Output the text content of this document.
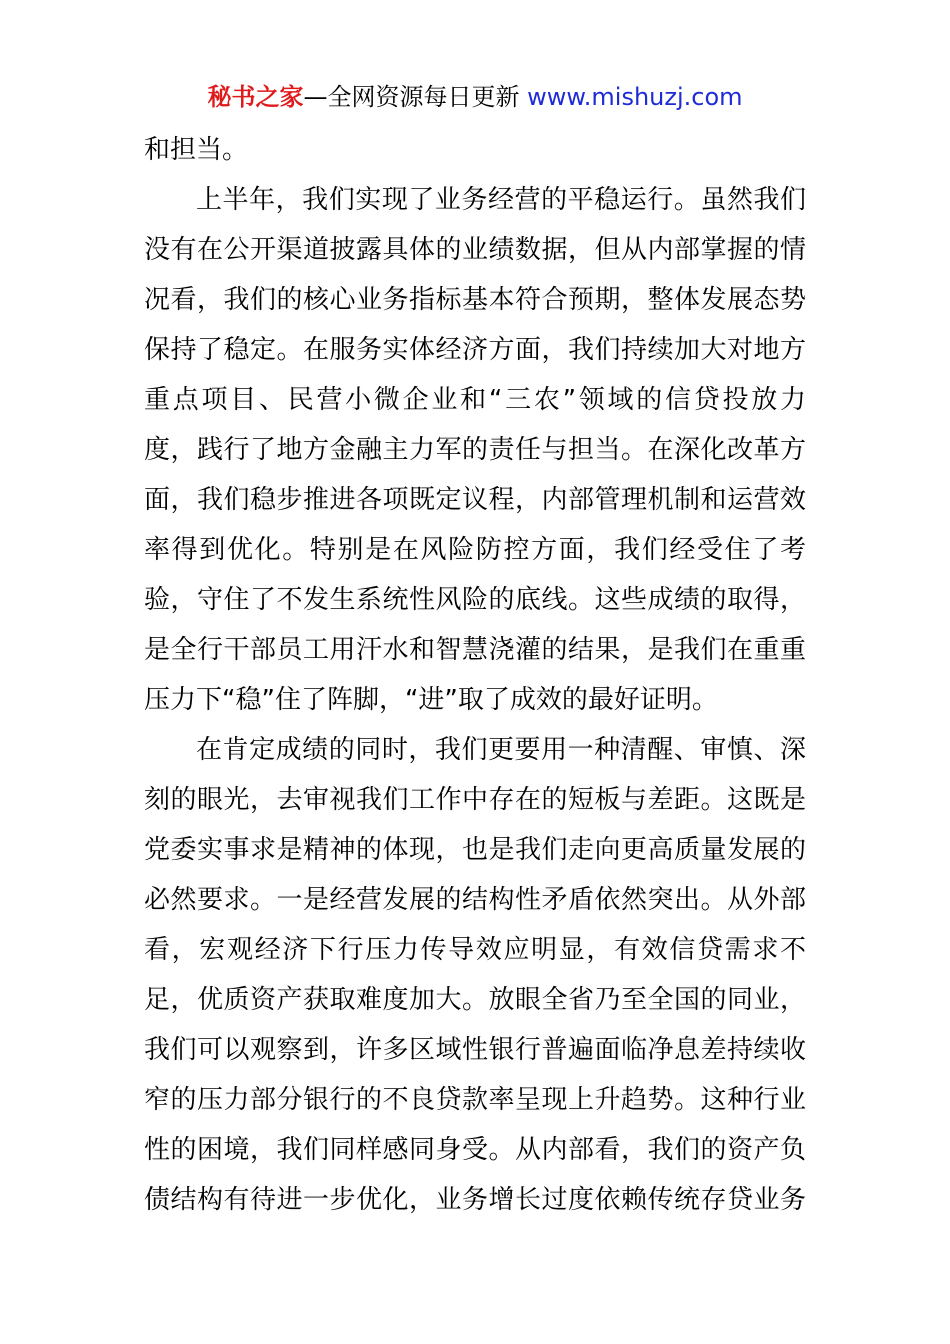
秘书之家—全网资源每日更新 www.mishuzj.com
和担当。
上半年，我们实现了业务经营的平稳运行。虽然我们
没有在公开渠道披露具体的业绩数据，但从内部掌握的情
况看，我们的核心业务指标基本符合预期，整体发展态势
保持了稳定。在服务实体经济方面，我们持续加大对地方
重点项目、民营小微企业和“三农”领域的信贷投放力
度，践行了地方金融主力军的责任与担当。在深化改革方
面，我们稳步推进各项既定议程，内部管理机制和运营效
率得到优化。特别是在风险防控方面，我们经受住了考
验，守住了不发生系统性风险的底线。这些成绩的取得，
是全行干部员工用汗水和智慧浇灌的结果，是我们在重重
压力下“稳”住了阵脚，“进”取了成效的最好证明。
在肯定成绩的同时，我们更要用一种清醒、审慎、深
刻的眼光，去审视我们工作中存在的短板与差距。这既是
党委实事求是精神的体现，也是我们走向更高质量发展的
必然要求。一是经营发展的结构性矛盾依然突出。从外部
看，宏观经济下行压力传导效应明显，有效信贷需求不
足，优质资产获取难度加大。放眼全省乃至全国的同业，
我们可以观察到，许多区域性银行普遍面临净息差持续收
窄的压力部分银行的不良贷款率呈现上升趋势。这种行业
性的困境，我们同样感同身受。从内部看，我们的资产负
债结构有待进一步优化，业务增长过度依赖传统存贷业务
